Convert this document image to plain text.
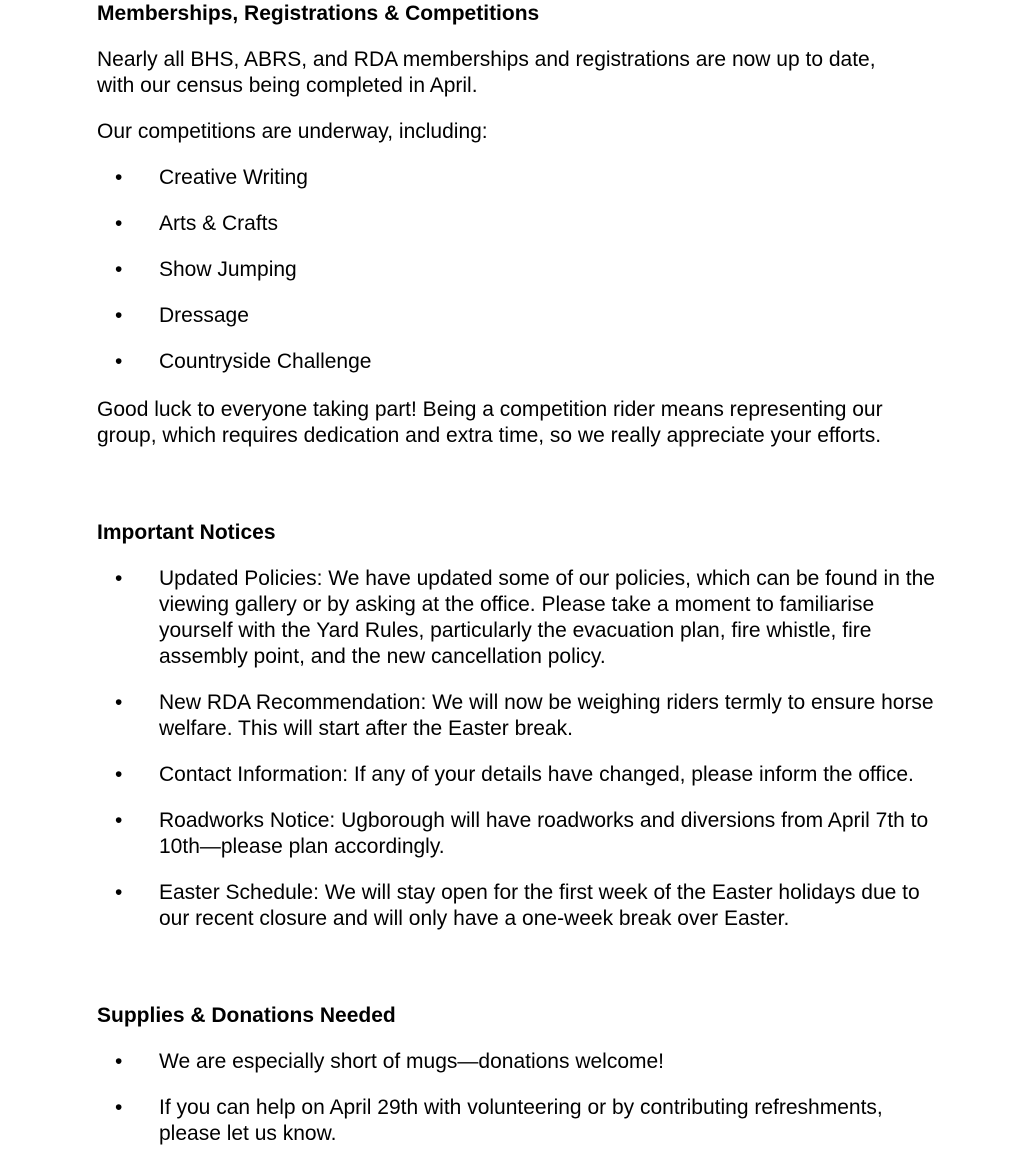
Memberships, Registrations & Competitions

Nearly all BHS, ABRS, and RDA memberships and registrations are now up to date, with our census being completed in April.

Our competitions are underway, including:

• Creative Writing
• Arts & Crafts
• Show Jumping
• Dressage
• Countryside Challenge

Good luck to everyone taking part! Being a competition rider means representing our group, which requires dedication and extra time, so we really appreciate your efforts.

Important Notices
• Updated Policies: We have updated some of our policies, which can be found in the viewing gallery or by asking at the office. Please take a moment to familiarise yourself with the Yard Rules, particularly the evacuation plan, fire whistle, fire assembly point, and the new cancellation policy.
• New RDA Recommendation: We will now be weighing riders termly to ensure horse welfare. This will start after the Easter break.
• Contact Information: If any of your details have changed, please inform the office.
• Roadworks Notice: Ugborough will have roadworks and diversions from April 7th to 10th—please plan accordingly.
• Easter Schedule: We will stay open for the first week of the Easter holidays due to our recent closure and will only have a one-week break over Easter.
Supplies & Donations Needed
• We are especially short of mugs—donations welcome!
• If you can help on April 29th with volunteering or by contributing refreshments, please let us know.
